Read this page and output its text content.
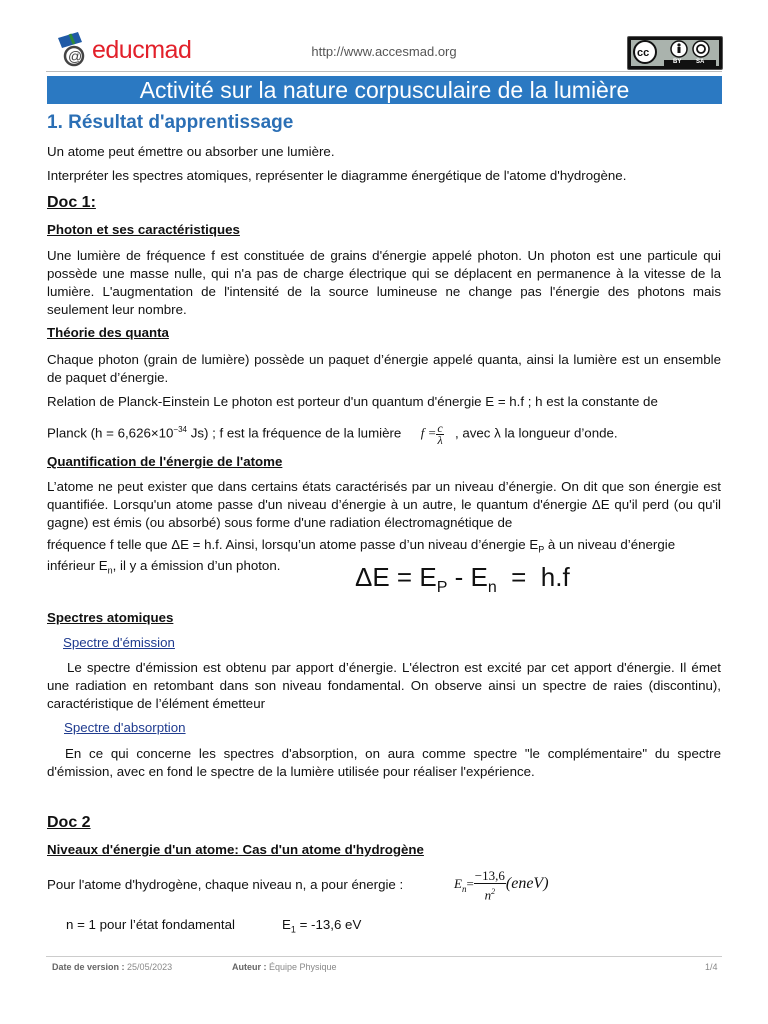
@ educmad	http://www.accesmad.org	cc
BY SA
Activité sur la nature corpusculaire de la lumière
1. Résultat d'apprentissage
Un atome peut émettre ou absorber une lumière.
Interpréter les spectres atomiques, représenter le diagramme énergétique de l'atome d'hydrogène.
Doc 1:
Photon et ses caractéristiques
Une lumière de fréquence f est constituée de grains d'énergie appelé photon. Un photon est une particule qui possède une masse nulle, qui n'a pas de charge électrique qui se déplacent en permanence à la vitesse de la lumière. L'augmentation de l'intensité de la source lumineuse ne change pas l'énergie des photons mais seulement leur nombre.
Théorie des quanta
Chaque photon (grain de lumière) possède un paquet d’énergie appelé quanta, ainsi la lumière est un ensemble de paquet d’énergie.
Relation de Planck-Einstein Le photon est porteur d'un quantum d'énergie E = h.f ; h est la constante de
Planck ($h = 6,626\times 10^{-34}$ Js) ; f est la fréquence de la lumière $f = \frac{c}{\lambda}$ , avec λ la longueur d’onde.
Quantification de l'énergie de l'atome
L’atome ne peut exister que dans certains états caractérisés par un niveau d’énergie. On dit que son énergie est quantifiée. Lorsqu'un atome passe d'un niveau d’énergie à un autre, le quantum d'énergie ΔE qu'il perd (ou qu'il gagne) est émis (ou absorbé) sous forme d'une radiation électromagnétique de
fréquence f telle que ΔE = h.f. Ainsi, lorsqu’un atome passe d’un niveau d’énergie $E_P$ à un niveau d’énergie
inférieur $E_n$, il y a émission d’un photon.	$\Delta E = E_P - E_n = h.f$
Spectres atomiques
Spectre d'émission
Le spectre d'émission est obtenu par apport d’énergie. L'électron est excité par cet apport d'énergie. Il émet une radiation en retombant dans son niveau fondamental. On observe ainsi un spectre de raies (discontinu), caractéristique de l’élément émetteur
Spectre d'absorption
En ce qui concerne les spectres d'absorption, on aura comme spectre "le complémentaire" du spectre d'émission, avec en fond le spectre de la lumière utilisée pour réaliser l'expérience.
Doc 2
Niveaux d'énergie d'un atome: Cas d'un atome d'hydrogène
Pour l'atome d'hydrogène, chaque niveau n, a pour énergie :	$E_n= \frac{-13,6}{n^2}$ (eneV)
n = 1 pour l’état fondamental	$E_1 = -13,6$ eV
Date de version : 25/05/2023	Auteur : Équipe Physique	1/4
